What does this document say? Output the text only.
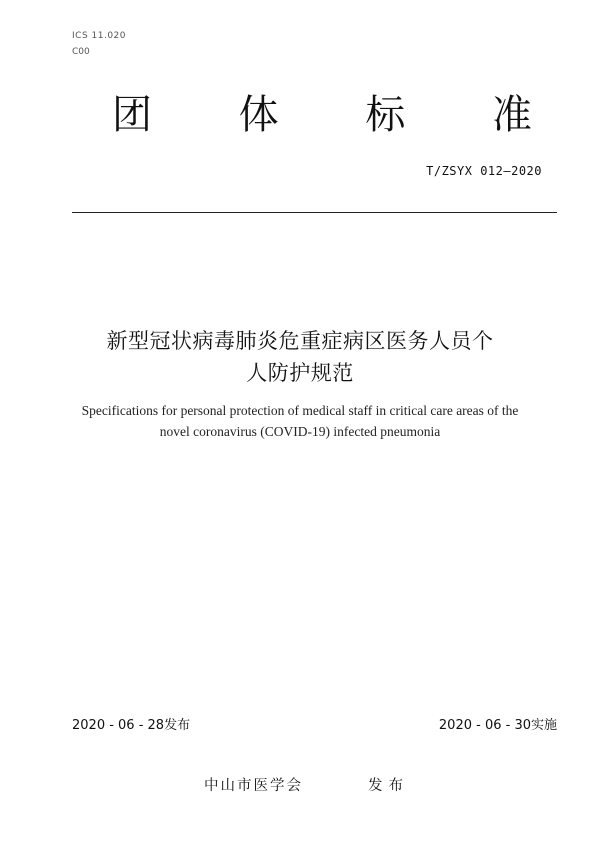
ICS 11.020
C00
团 体 标 准
T/ZSYX 012—2020
新型冠状病毒肺炎危重症病区医务人员个
人防护规范
Specifications for personal protection of medical staff in critical care areas of the
novel coronavirus (COVID-19) infected pneumonia
2020 - 06 - 28发布	2020 - 06 - 30实施
中山市医学会	发布
